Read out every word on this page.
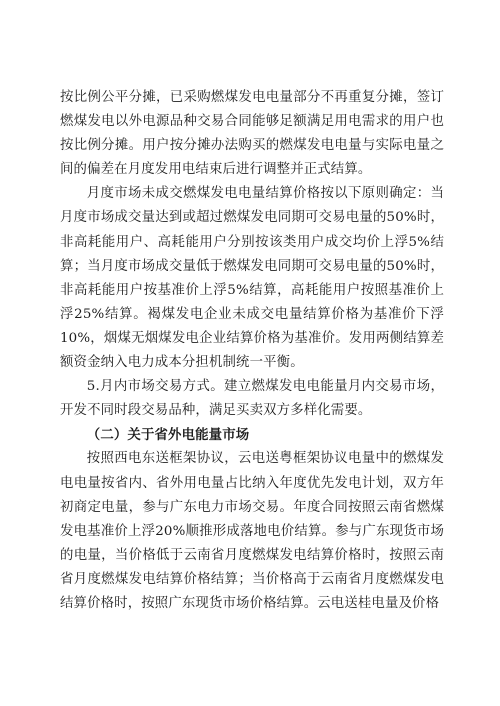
按比例公平分摊，已采购燃煤发电电量部分不再重复分摊，签订燃煤发电以外电源品种交易合同能够足额满足用电需求的用户也按比例分摊。用户按分摊办法购买的燃煤发电电量与实际电量之间的偏差在月度发用电结束后进行调整并正式结算。

月度市场未成交燃煤发电电量结算价格按以下原则确定：当月度市场成交量达到或超过燃煤发电同期可交易电量的50%时，非高耗能用户、高耗能用户分别按该类用户成交均价上浮5%结算；当月度市场成交量低于燃煤发电同期可交易电量的50%时，非高耗能用户按基准价上浮5%结算，高耗能用户按照基准价上浮25%结算。褐煤发电企业未成交电量结算价格为基准价下浮10%，烟煤无烟煤发电企业结算价格为基准价。发用两侧结算差额资金纳入电力成本分担机制统一平衡。

5.月内市场交易方式。建立燃煤发电电能量月内交易市场，开发不同时段交易品种，满足买卖双方多样化需要。

（二）关于省外电能量市场

按照西电东送框架协议，云电送粤框架协议电量中的燃煤发电电量按省内、省外用电量占比纳入年度优先发电计划，双方年初商定电量，参与广东电力市场交易。年度合同按照云南省燃煤发电基准价上浮20%顺推形成落地电价结算。参与广东现货市场的电量，当价格低于云南省月度燃煤发电结算价格时，按照云南省月度燃煤发电结算价格结算；当价格高于云南省月度燃煤发电结算价格时，按照广东现货市场价格结算。云电送桂电量及价格
